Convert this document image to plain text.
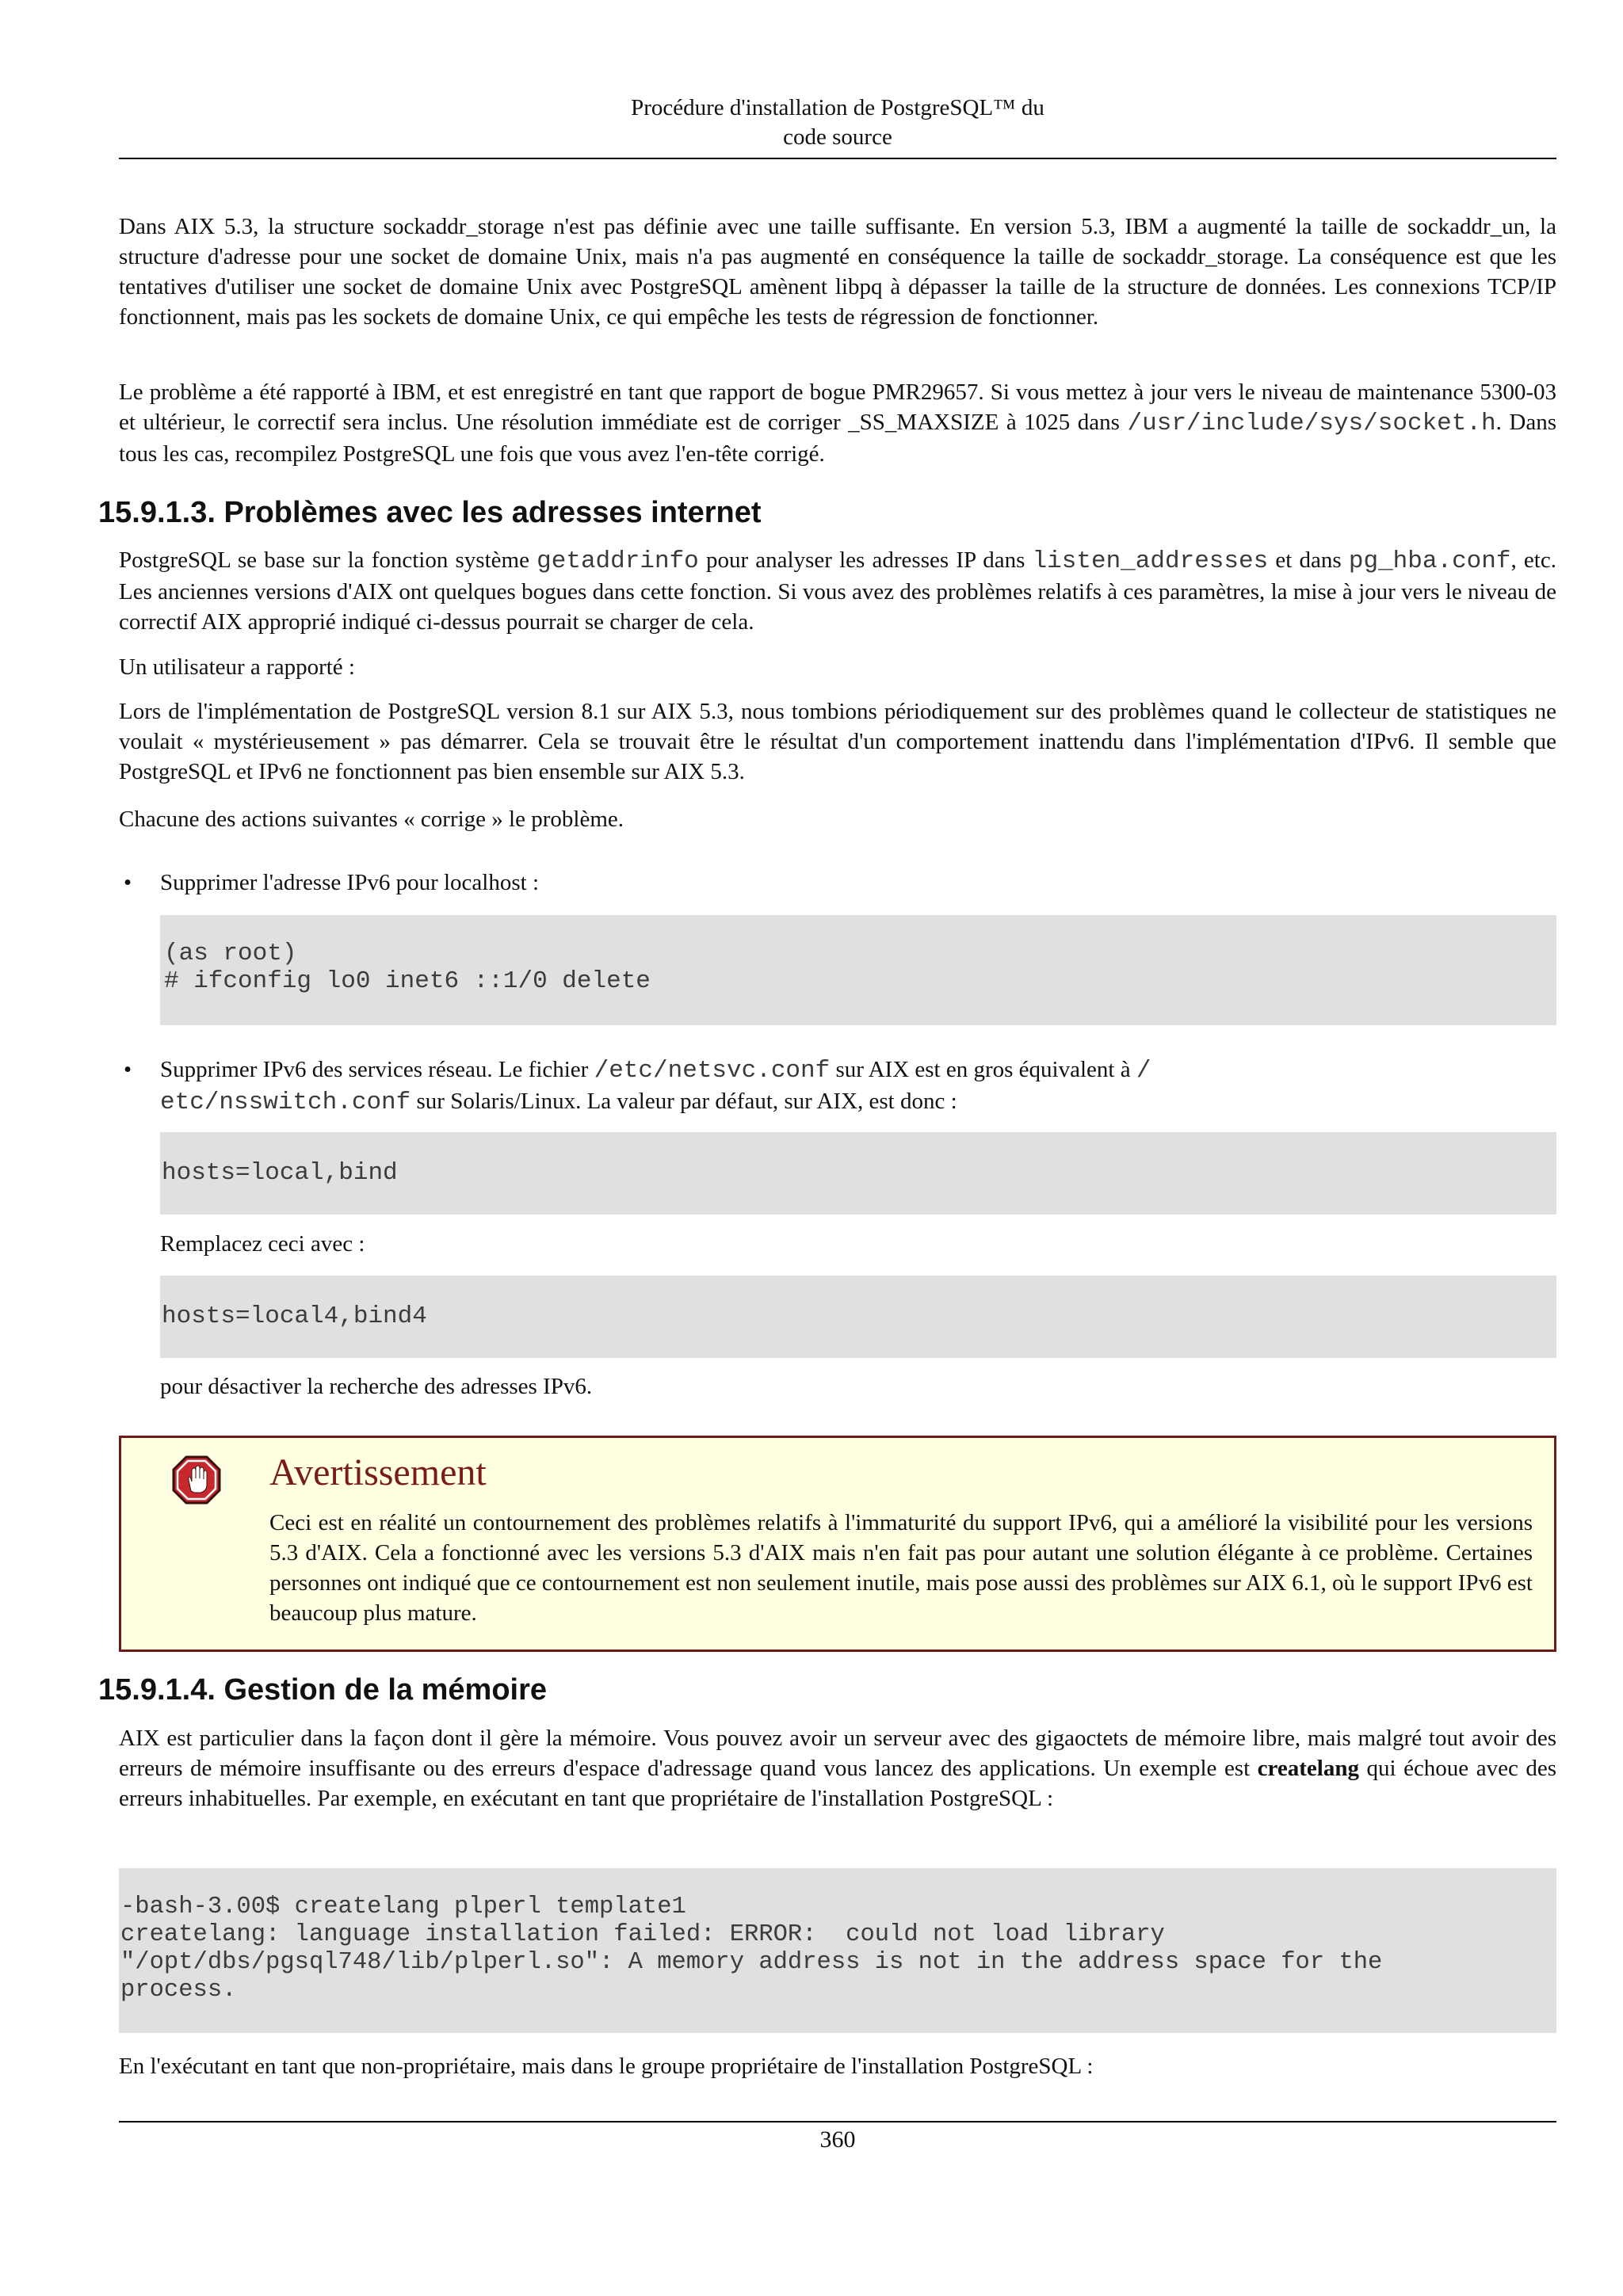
Procédure d'installation de PostgreSQL™ du
code source

Dans AIX 5.3, la structure sockaddr_storage n'est pas définie avec une taille suffisante. En version 5.3, IBM a augmenté la taille de sockaddr_un, la structure d'adresse pour une socket de domaine Unix, mais n'a pas augmenté en conséquence la taille de sockaddr_storage. La conséquence est que les tentatives d'utiliser une socket de domaine Unix avec PostgreSQL amènent libpq à dépasser la taille de la structure de données. Les connexions TCP/IP fonctionnent, mais pas les sockets de domaine Unix, ce qui empêche les tests de régression de fonctionner.

Le problème a été rapporté à IBM, et est enregistré en tant que rapport de bogue PMR29657. Si vous mettez à jour vers le niveau de maintenance 5300-03 et ultérieur, le correctif sera inclus. Une résolution immédiate est de corriger _SS_MAXSIZE à 1025 dans /usr/include/sys/socket.h. Dans tous les cas, recompilez PostgreSQL une fois que vous avez l'en-tête corrigé.

15.9.1.3. Problèmes avec les adresses internet

PostgreSQL se base sur la fonction système getaddrinfo pour analyser les adresses IP dans listen_addresses et dans pg_hba.conf, etc. Les anciennes versions d'AIX ont quelques bogues dans cette fonction. Si vous avez des problèmes relatifs à ces paramètres, la mise à jour vers le niveau de correctif AIX approprié indiqué ci-dessus pourrait se charger de cela.

Un utilisateur a rapporté :

Lors de l'implémentation de PostgreSQL version 8.1 sur AIX 5.3, nous tombions périodiquement sur des problèmes quand le collecteur de statistiques ne voulait « mystérieusement » pas démarrer. Cela se trouvait être le résultat d'un comportement inattendu dans l'implémentation d'IPv6. Il semble que PostgreSQL et IPv6 ne fonctionnent pas bien ensemble sur AIX 5.3.

Chacune des actions suivantes « corrige » le problème.

• Supprimer l'adresse IPv6 pour localhost :

(as root)
# ifconfig lo0 inet6 ::1/0 delete
• Supprimer IPv6 des services réseau. Le fichier /etc/netsvc.conf sur AIX est en gros équivalent à /
etc/nsswitch.conf sur Solaris/Linux. La valeur par défaut, sur AIX, est donc :
hosts=local,bind

Remplacez ceci avec :

hosts=local4,bind4

pour désactiver la recherche des adresses IPv6.

Avertissement

Ceci est en réalité un contournement des problèmes relatifs à l'immaturité du support IPv6, qui a amélioré la visibilité pour les versions 5.3 d'AIX. Cela a fonctionné avec les versions 5.3 d'AIX mais n'en fait pas pour autant une solution élégante à ce problème. Certaines personnes ont indiqué que ce contournement est non seulement inutile, mais pose aussi des problèmes sur AIX 6.1, où le support IPv6 est beaucoup plus mature.

15.9.1.4. Gestion de la mémoire

AIX est particulier dans la façon dont il gère la mémoire. Vous pouvez avoir un serveur avec des gigaoctets de mémoire libre, mais malgré tout avoir des erreurs de mémoire insuffisante ou des erreurs d'espace d'adressage quand vous lancez des applications. Un exemple est createlang qui échoue avec des erreurs inhabituelles. Par exemple, en exécutant en tant que propriétaire de l'installation PostgreSQL :

-bash-3.00$ createlang plperl template1
createlang: language installation failed: ERROR:  could not load library
"/opt/dbs/pgsql748/lib/plperl.so": A memory address is not in the address space for the
process.

En l'exécutant en tant que non-propriétaire, mais dans le groupe propriétaire de l'installation PostgreSQL :

360
